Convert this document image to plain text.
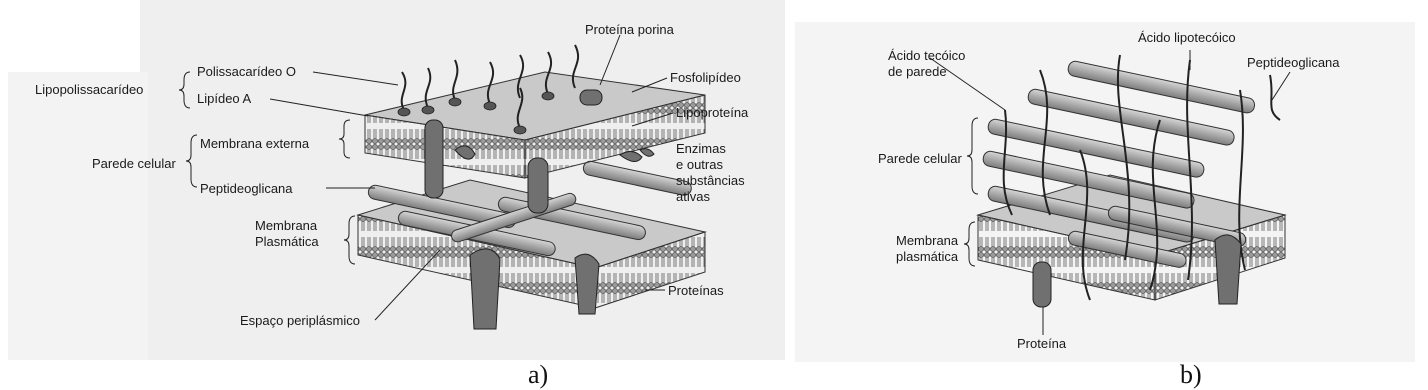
Lipopolissacarídeo
Polissacarídeo O
Lipídeo A
Membrana externa
Parede celular
Peptideoglicana
Membrana
Plasmática
Espaço periplásmico
Proteína porina
Fosfolipídeo
Lipoproteína
Enzimas
e outras
substâncias
ativas
Proteínas
a)
Ácido tecóico
de parede
Ácido lipotecóico
Peptideoglicana
Parede celular
Membrana
plasmática
Proteína
b)
